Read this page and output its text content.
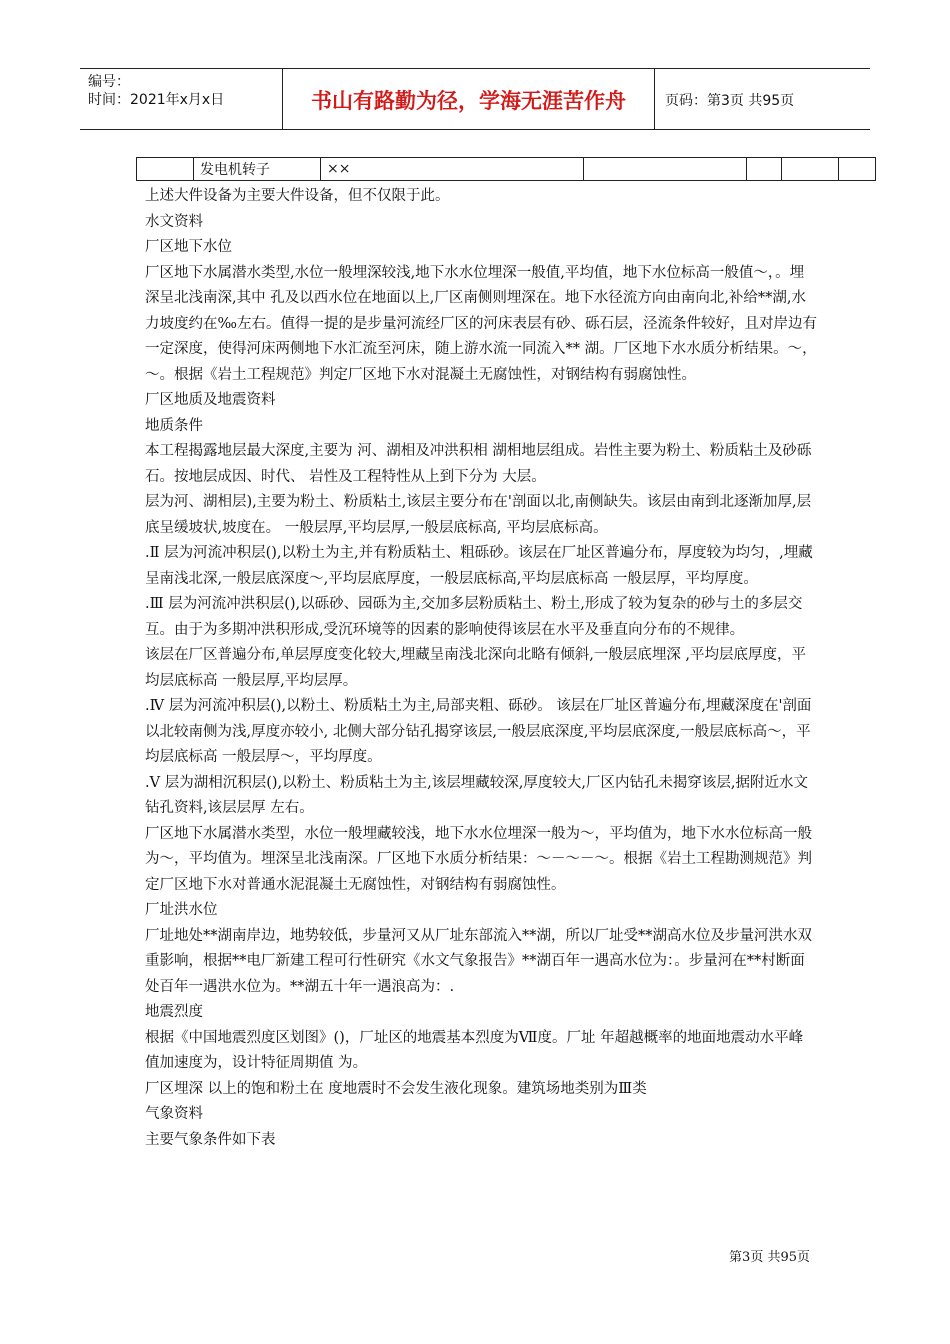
编号：
时间：2021年x月x日	书山有路勤为径，学海无涯苦作舟	页码：第3页 共95页
	发电机转子	××				

上述大件设备为主要大件设备，但不仅限于此。

水文资料

厂区地下水位

厂区地下水属潜水类型,水位一般埋深较浅,地下水水位埋深一般值,平均值，地下水位标高一般值～，。埋深呈北浅南深,其中 孔及以西水位在地面以上,厂区南侧则埋深在。地下水径流方向由南向北,补给**湖,水力坡度约在‰左右。值得一提的是步量河流经厂区的河床表层有砂、砾石层，泾流条件较好，且对岸边有一定深度，使得河床两侧地下水汇流至河床，随上游水流一同流入** 湖。厂区地下水水质分析结果。～， ～。根据《岩土工程规范》判定厂区地下水对混凝土无腐蚀性，对钢结构有弱腐蚀性。

厂区地质及地震资料

地质条件

本工程揭露地层最大深度,主要为 河、湖相及冲洪积相 湖相地层组成。岩性主要为粉土、粉质粘土及砂砾石。按地层成因、时代、 岩性及工程特性从上到下分为 大层。

层为河、湖相层),主要为粉土、粉质粘土,该层主要分布在'剖面以北,南侧缺失。该层由南到北逐渐加厚,层底呈缓坡状,坡度在。 一般层厚,平均层厚,一般层底标高, 平均层底标高。

.Ⅱ 层为河流冲积层(),以粉土为主,并有粉质粘土、粗砾砂。该层在厂址区普遍分布，厚度较为均匀，,埋藏呈南浅北深,一般层底深度～,平均层底厚度，一般层底标高,平均层底标高 一般层厚，平均厚度。

.Ⅲ 层为河流冲洪积层(),以砾砂、园砾为主,交加多层粉质粘土、粉土,形成了较为复杂的砂与土的多层交互。由于为多期冲洪积形成,受沉环境等的因素的影响使得该层在水平及垂直向分布的不规律。

该层在厂区普遍分布,单层厚度变化较大,埋藏呈南浅北深向北略有倾斜,一般层底埋深 ,平均层底厚度，平均层底标高 一般层厚,平均层厚。

.Ⅳ 层为河流冲积层(),以粉土、粉质粘土为主,局部夹粗、砾砂。 该层在厂址区普遍分布,埋藏深度在'剖面以北较南侧为浅,厚度亦较小, 北侧大部分钻孔揭穿该层,一般层底深度,平均层底深度,一般层底标高～，平均层底标高 一般层厚～，平均厚度。

.Ⅴ 层为湖相沉积层(),以粉土、粉质粘土为主,该层埋藏较深,厚度较大,厂区内钻孔未揭穿该层,据附近水文钻孔资料,该层层厚 左右。

厂区地下水属潜水类型，水位一般埋藏较浅，地下水水位埋深一般为～，平均值为，地下水水位标高一般为～，平均值为。埋深呈北浅南深。厂区地下水质分析结果：～－～－～。根据《岩土工程勘测规范》判定厂区地下水对普通水泥混凝土无腐蚀性，对钢结构有弱腐蚀性。

厂址洪水位

厂址地处**湖南岸边，地势较低，步量河又从厂址东部流入**湖，所以厂址受**湖高水位及步量河洪水双重影响，根据**电厂新建工程可行性研究《水文气象报告》**湖百年一遇高水位为：。步量河在**村断面处百年一遇洪水位为。**湖五十年一遇浪高为：.

地震烈度

根据《中国地震烈度区划图》()，厂址区的地震基本烈度为Ⅶ度。厂址 年超越概率的地面地震动水平峰值加速度为，设计特征周期值 为。

厂区埋深 以上的饱和粉土在 度地震时不会发生液化现象。建筑场地类别为Ⅲ类

气象资料

主要气象条件如下表

第3页 共95页
